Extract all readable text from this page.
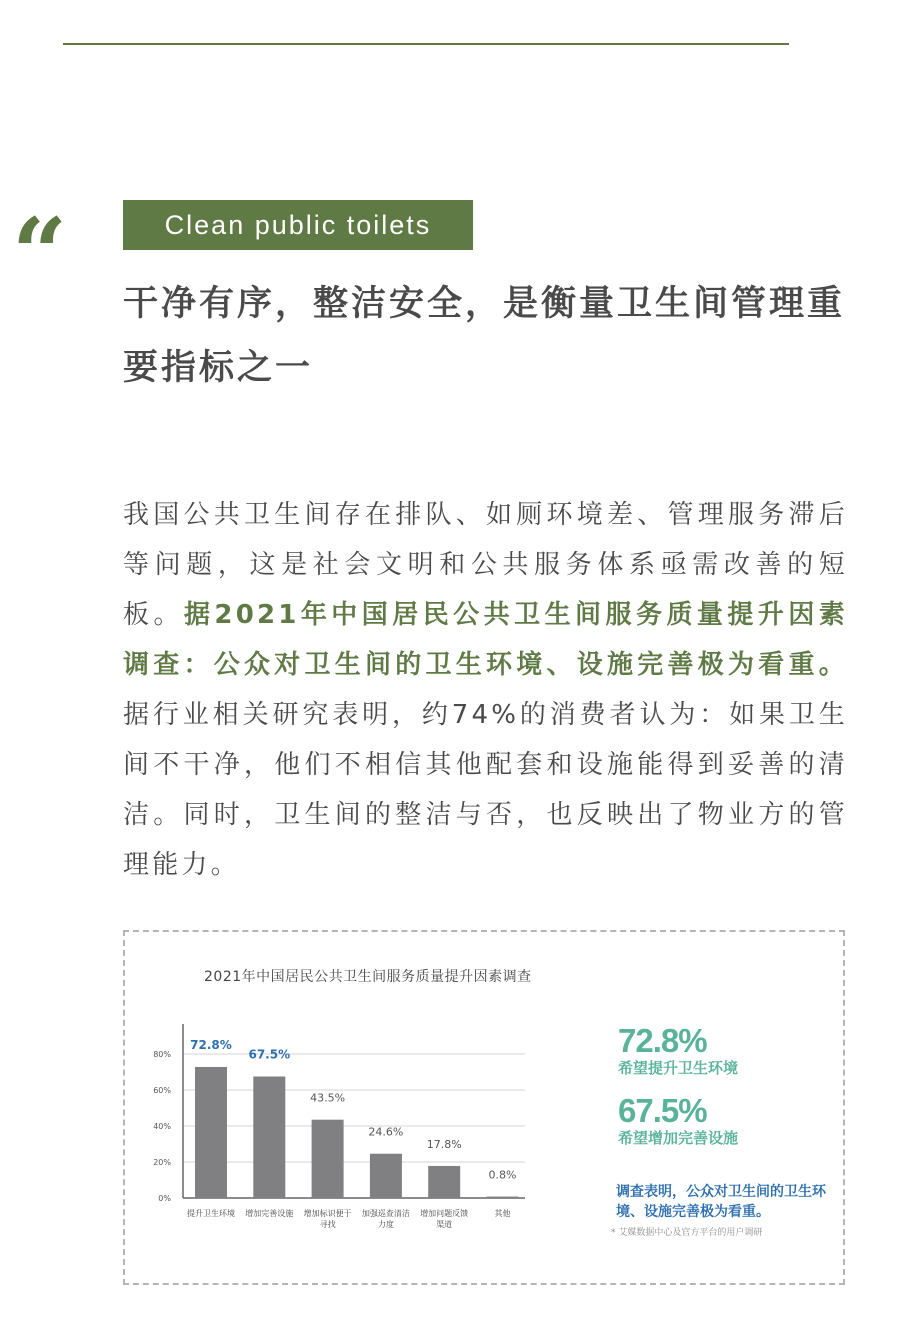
“	Clean public toilets
干净有序，整洁安全，是衡量卫生间管理重要指标之一
我国公共卫生间存在排队、如厕环境差、管理服务滞后等问题，这是社会文明和公共服务体系亟需改善的短板。据2021年中国居民公共卫生间服务质量提升因素调查：公众对卫生间的卫生环境、设施完善极为看重。据行业相关研究表明，约74%的消费者认为：如果卫生间不干净，他们不相信其他配套和设施能得到妥善的清洁。同时，卫生间的整洁与否，也反映出了物业方的管理能力。
2021年中国居民公共卫生间服务质量提升因素调查
0%
20%
40%
60%
80%
72.8%
提升卫生环境
67.5%
增加完善设施
43.5%
增加标识便于
寻找
24.6%
加强巡查清洁
力度
17.8%
增加问题反馈
渠道
0.8%
其他
72.8%
希望提升卫生环境
67.5%
希望增加完善设施
调查表明，公众对卫生间的卫生环境、设施完善极为看重。
* 艾媒数据中心及官方平台的用户调研
